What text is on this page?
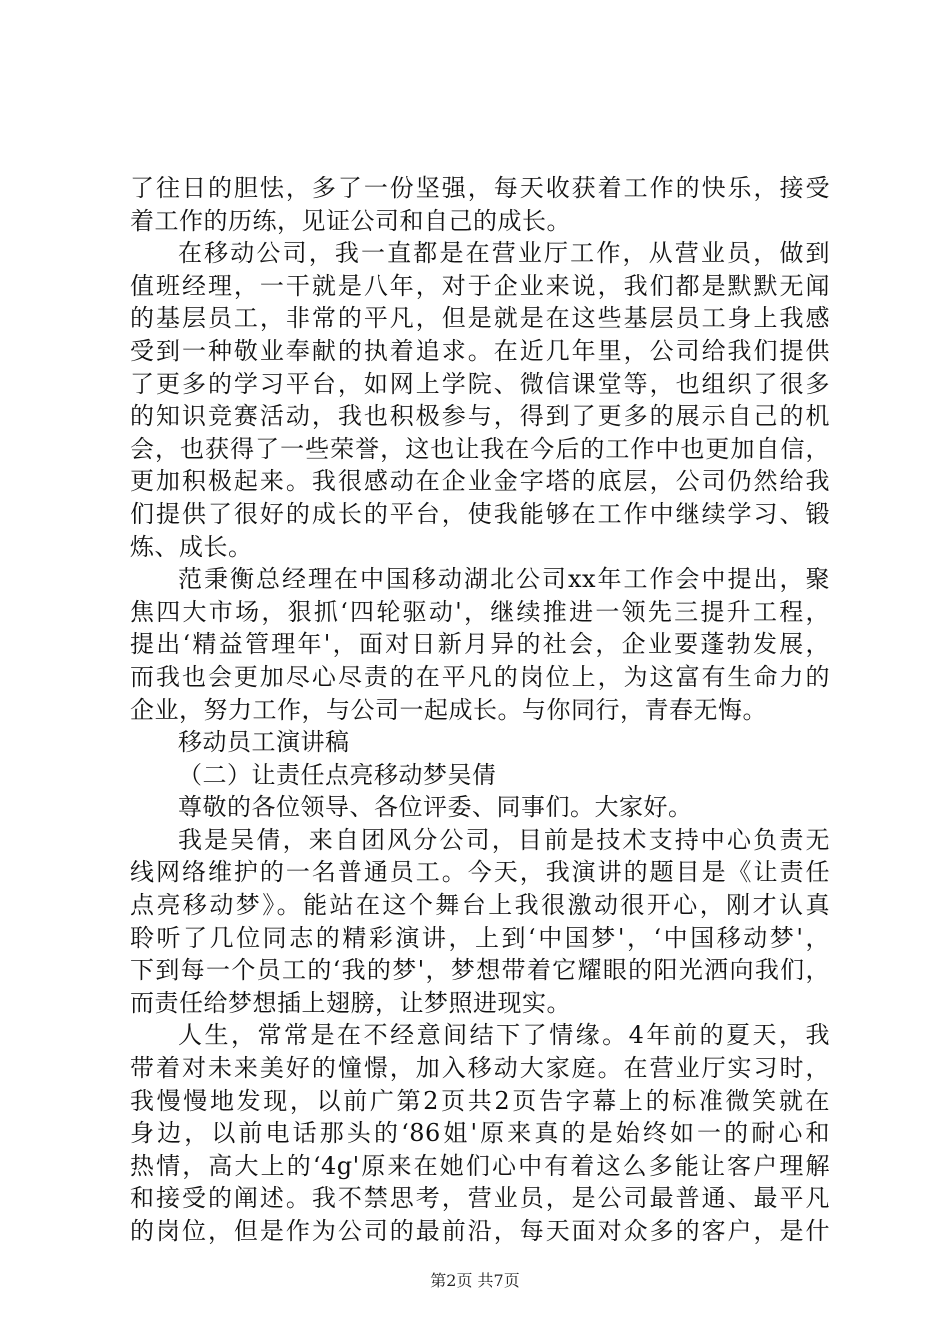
了往日的胆怯，多了一份坚强，每天收获着工作的快乐，接受
着工作的历练，见证公司和自己的成长。
在移动公司，我一直都是在营业厅工作，从营业员，做到
值班经理，一干就是八年，对于企业来说，我们都是默默无闻
的基层员工，非常的平凡，但是就是在这些基层员工身上我感
受到一种敬业奉献的执着追求。在近几年里，公司给我们提供
了更多的学习平台，如网上学院、微信课堂等，也组织了很多
的知识竞赛活动，我也积极参与，得到了更多的展示自己的机
会，也获得了一些荣誉，这也让我在今后的工作中也更加自信，
更加积极起来。我很感动在企业金字塔的底层，公司仍然给我
们提供了很好的成长的平台，使我能够在工作中继续学习、锻
炼、成长。
范秉衡总经理在中国移动湖北公司xx年工作会中提出，聚
焦四大市场，狠抓‘四轮驱动'，继续推进一领先三提升工程，
提出‘精益管理年'，面对日新月异的社会，企业要蓬勃发展，
而我也会更加尽心尽责的在平凡的岗位上，为这富有生命力的
企业，努力工作，与公司一起成长。与你同行，青春无悔。
移动员工演讲稿
（二）让责任点亮移动梦吴倩
尊敬的各位领导、各位评委、同事们。大家好。
我是吴倩，来自团风分公司，目前是技术支持中心负责无
线网络维护的一名普通员工。今天，我演讲的题目是《让责任
点亮移动梦》。能站在这个舞台上我很激动很开心，刚才认真
聆听了几位同志的精彩演讲，上到‘中国梦'，‘中国移动梦'，
下到每一个员工的‘我的梦'，梦想带着它耀眼的阳光洒向我们，
而责任给梦想插上翅膀，让梦照进现实。
人生，常常是在不经意间结下了情缘。4年前的夏天，我
带着对未来美好的憧憬，加入移动大家庭。在营业厅实习时，
我慢慢地发现，以前广第2页共2页告字幕上的标准微笑就在
身边，以前电话那头的‘86姐'原来真的是始终如一的耐心和
热情，高大上的‘4g'原来在她们心中有着这么多能让客户理解
和接受的阐述。我不禁思考，营业员，是公司最普通、最平凡
的岗位，但是作为公司的最前沿，每天面对众多的客户，是什
第2页 共7页
